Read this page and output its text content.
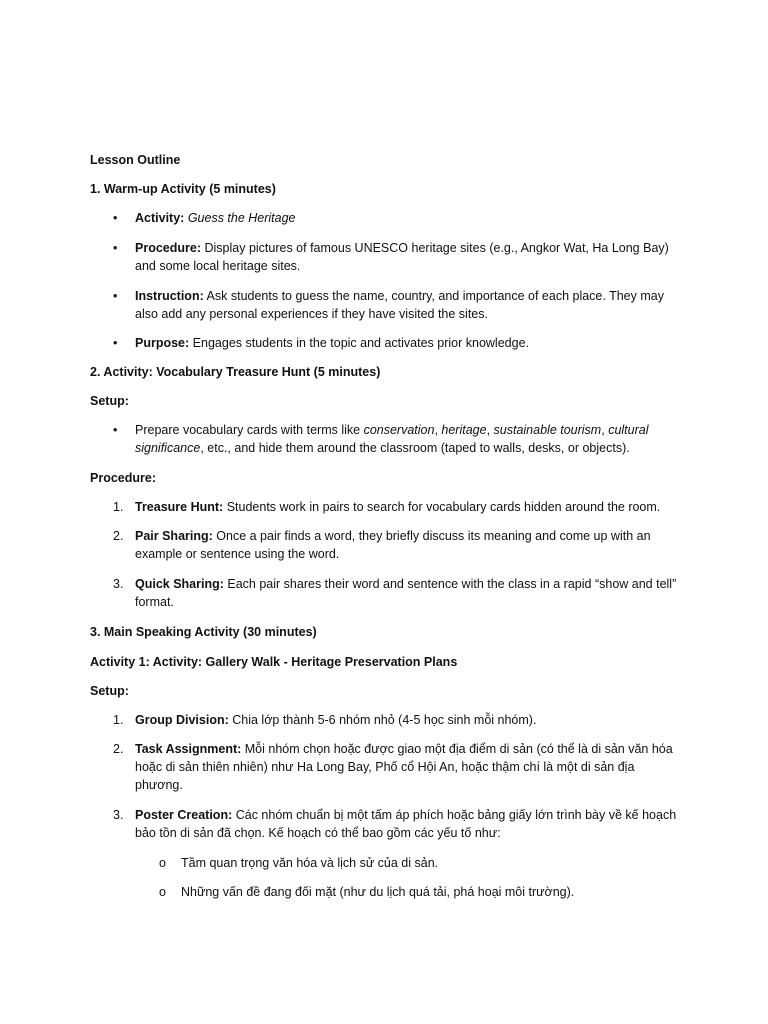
Lesson Outline
1. Warm-up Activity (5 minutes)
• Activity: Guess the Heritage
• Procedure: Display pictures of famous UNESCO heritage sites (e.g., Angkor Wat, Ha Long Bay)
and some local heritage sites.
• Instruction: Ask students to guess the name, country, and importance of each place. They may
also add any personal experiences if they have visited the sites.
• Purpose: Engages students in the topic and activates prior knowledge.
2. Activity: Vocabulary Treasure Hunt (5 minutes)
Setup:
• Prepare vocabulary cards with terms like conservation, heritage, sustainable tourism, cultural
significance, etc., and hide them around the classroom (taped to walls, desks, or objects).
Procedure:
1. Treasure Hunt: Students work in pairs to search for vocabulary cards hidden around the room.
2. Pair Sharing: Once a pair finds a word, they briefly discuss its meaning and come up with an
example or sentence using the word.
3. Quick Sharing: Each pair shares their word and sentence with the class in a rapid “show and tell”
format.
3. Main Speaking Activity (30 minutes)
Activity 1: Activity: Gallery Walk - Heritage Preservation Plans
Setup:
1. Group Division: Chia lớp thành 5-6 nhóm nhỏ (4-5 học sinh mỗi nhóm).
2. Task Assignment: Mỗi nhóm chọn hoặc được giao một địa điểm di sản (có thể là di sản văn hóa
hoặc di sản thiên nhiên) như Ha Long Bay, Phố cổ Hội An, hoặc thậm chí là một di sản địa
phương.
3. Poster Creation: Các nhóm chuẩn bị một tấm áp phích hoặc bảng giấy lớn trình bày về kế hoạch
bảo tồn di sản đã chọn. Kế hoạch có thể bao gồm các yếu tố như:
o Tầm quan trọng văn hóa và lịch sử của di sản.
o Những vấn đề đang đối mặt (như du lịch quá tải, phá hoại môi trường).
